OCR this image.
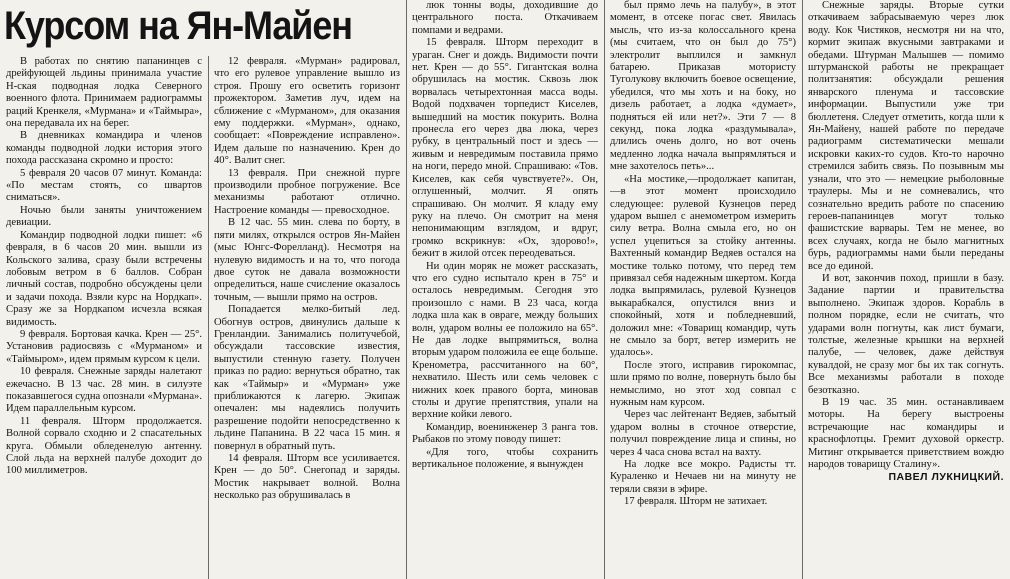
Курсом на Ян-Майен

В работах по снятию папанинцев с дрейфующей льдины принимала участие Н-ская подводная лодка Северного военного флота. Принимаем радиограммы раций Кренкеля, «Мурмана» и «Таймыра», она передавала их на берег.

В дневниках командира и членов команды подводной лодки история этого похода рассказана скромно и просто:

5 февраля 20 часов 07 минут. Команда: «По местам стоять, со швартов сниматься».

Ночью были заняты уничтожением девиации.

Командир подводной лодки пишет: «6 февраля, в 6 часов 20 мин. вышли из Кольского залива, сразу были встречены лобовым ветром в 6 баллов. Собран личный состав, подробно обсуждены цели и задачи похода. Взяли курс на Нордкап». Сразу же за Нордкапом исчезла всякая видимость.

9 февраля. Бортовая качка. Крен — 25°. Установив радиосвязь с «Мурманом» и «Таймыром», идем прямым курсом к цели.

10 февраля. Снежные заряды налетают ежечасно. В 13 час. 28 мин. в силуэте показавшегося судна опознали «Мурмана». Идем параллельным курсом.

11 февраля. Шторм продолжается. Волной сорвало сходню и 2 спасательных круга. Обмыли обледенелую антенну. Слой льда на верхней палубе доходит до 100 миллиметров.

12 февраля. «Мурман» радировал, что его рулевое управление вышло из строя. Прошу его осветить горизонт прожектором. Заметив луч, идем на сближение с «Мурманом», для оказания ему поддержки. «Мурман», однако, сообщает: «Повреждение исправлено». Идем дальше по назначению. Крен до 40°. Валит снег.

13 февраля. При снежной пурге производили пробное погружение. Все механизмы работают отлично. Настроение команды — превосходное.

В 12 час. 55 мин. слева по борту, в пяти милях, открылся остров Ян-Майен (мыс Юнгс-Форелланд). Несмотря на нулевую видимость и на то, что погода двое суток не давала возможности определиться, наше счисление оказалось точным, — вышли прямо на остров.

Попадается мелко-битый лед. Обогнув остров, двинулись дальше к Гренландии. Занимались политучебой, обсуждали тассовские известия, выпустили стенную газету. Получен приказ по радио: вернуться обратно, так как «Таймыр» и «Мурман» уже приближаются к лагерю. Экипаж опечален: мы надеялись получить разрешение подойти непосредственно к льдине Папанина. В 22 часа 15 мин. я повернул в обратный путь.

14 февраля. Шторм все усиливается. Крен — до 50°. Снегопад и заряды. Мостик накрывает волной. Волна несколько раз обрушивалась в

люк тонны воды, доходившие до центрального поста. Откачиваем помпами и ведрами.

15 февраля. Шторм переходит в ураган. Снег и дождь. Видимости почти нет. Крен — до 55°. Гигантская волна обрушилась на мостик. Сквозь люк ворвалась четырехтонная масса воды. Водой подхвачен торпедист Киселев, вышедший на мостик покурить. Волна пронесла его через два люка, через рубку, в центральный пост и здесь — живым и невредимым поставила прямо на ноги, передо мной. Спрашиваю: «Тов. Киселев, как себя чувствуете?». Он, оглушенный, молчит. Я опять спрашиваю. Он молчит. Я кладу ему руку на плечо. Он смотрит на меня непонимающим взглядом, и вдруг, громко вскрикнув: «Ох, здорово!», бежит в жилой отсек переодеваться.

Ни один моряк не может рассказать, что его судно испытало крен в 75° и осталось невредимым. Сегодня это произошло с нами. В 23 часа, когда лодка шла как в овраге, между больших волн, ударом волны ее положило на 65°. Не дав лодке выпрямиться, волна вторым ударом положила ее еще больше. Кренометра, рассчитанного на 60°, нехватило. Шесть или семь человек с нижних коек правого борта, миновав столы и другие препятствия, упали на верхние койки левого.

Командир, военинженер 3 ранга тов. Рыбаков по этому поводу пишет:

«Для того, чтобы сохранить вертикальное положение, я вынужден

был прямо лечь на палубу», в этот момент, в отсеке погас свет. Явилась мысль, что из-за колоссального крена (мы считаем, что он был до 75°) электролит выплился и замкнул батарею. Приказав мотористу Туголукову включить боевое освещение, убедился, что мы хоть и на боку, но дизель работает, а лодка «думает», подняться ей или нет?». Эти 7 — 8 секунд, пока лодка «раздумывала», длились очень долго, но вот очень медленно лодка начала выпрямляться и мне захотелось петь»...

«На мостике,—продолжает капитан, —в этот момент происходило следующее: рулевой Кузнецов перед ударом вышел с анемометром измерить силу ветра. Волна смыла его, но он успел уцепиться за стойку антенны. Вахтенный командир Ведяев остался на мостике только потому, что перед тем привязал себя надежным шкертом. Когда лодка выпрямилась, рулевой Кузнецов выкарабкался, опустился вниз и спокойный, хотя и побледневший, доложил мне: «Товарищ командир, чуть не смыло за борт, ветер измерить не удалось».

После этого, исправив гирокомпас, шли прямо по волне, повернуть было бы немыслимо, но этот ход совпал с нужным нам курсом.

Через час лейтенант Ведяев, забытый ударом волны в сточное отверстие, получил повреждение лица и спины, но через 4 часа снова встал на вахту.

На лодке все мокро. Радисты тт. Кураленко и Нечаев ни на минуту не теряли связи в эфире.

17 февраля. Шторм не затихает.

Снежные заряды. Вторые сутки откачиваем забрасываемую через люк воду. Кок Чистяков, несмотря ни на что, кормит экипаж вкусными завтраками и обедами. Штурман Малышев — помимо штурманской работы не прекращает политзанятия: обсуждали решения январского пленума и тассовские информации. Выпустили уже три бюллетеня. Следует отметить, когда шли к Ян-Майену, нашей работе по передаче радиограмм систематически мешали искровки каких-то судов. Кто-то нарочно стремился забить связь. По позывным мы узнали, что это — немецкие рыболовные траулеры. Мы и не сомневались, что сознательно вредить работе по спасению героев-папанинцев могут только фашистские варвары. Тем не менее, во всех случаях, когда не было магнитных бурь, радиограммы нами были переданы все до единой.

И вот, закончив поход, пришли в базу. Задание партии и правительства выполнено. Экипаж здоров. Корабль в полном порядке, если не считать, что ударами волн погнуты, как лист бумаги, толстые, железные крышки на верхней палубе, — человек, даже действуя кувалдой, не сразу мог бы их так согнуть. Все механизмы работали в походе безотказно.

В 19 час. 35 мин. останавливаем моторы. На берегу выстроены встречающие нас командиры и краснофлотцы. Гремит духовой оркестр. Митинг открывается приветствием вождю народов товарищу Сталину».

ПАВЕЛ ЛУКНИЦКИЙ.
